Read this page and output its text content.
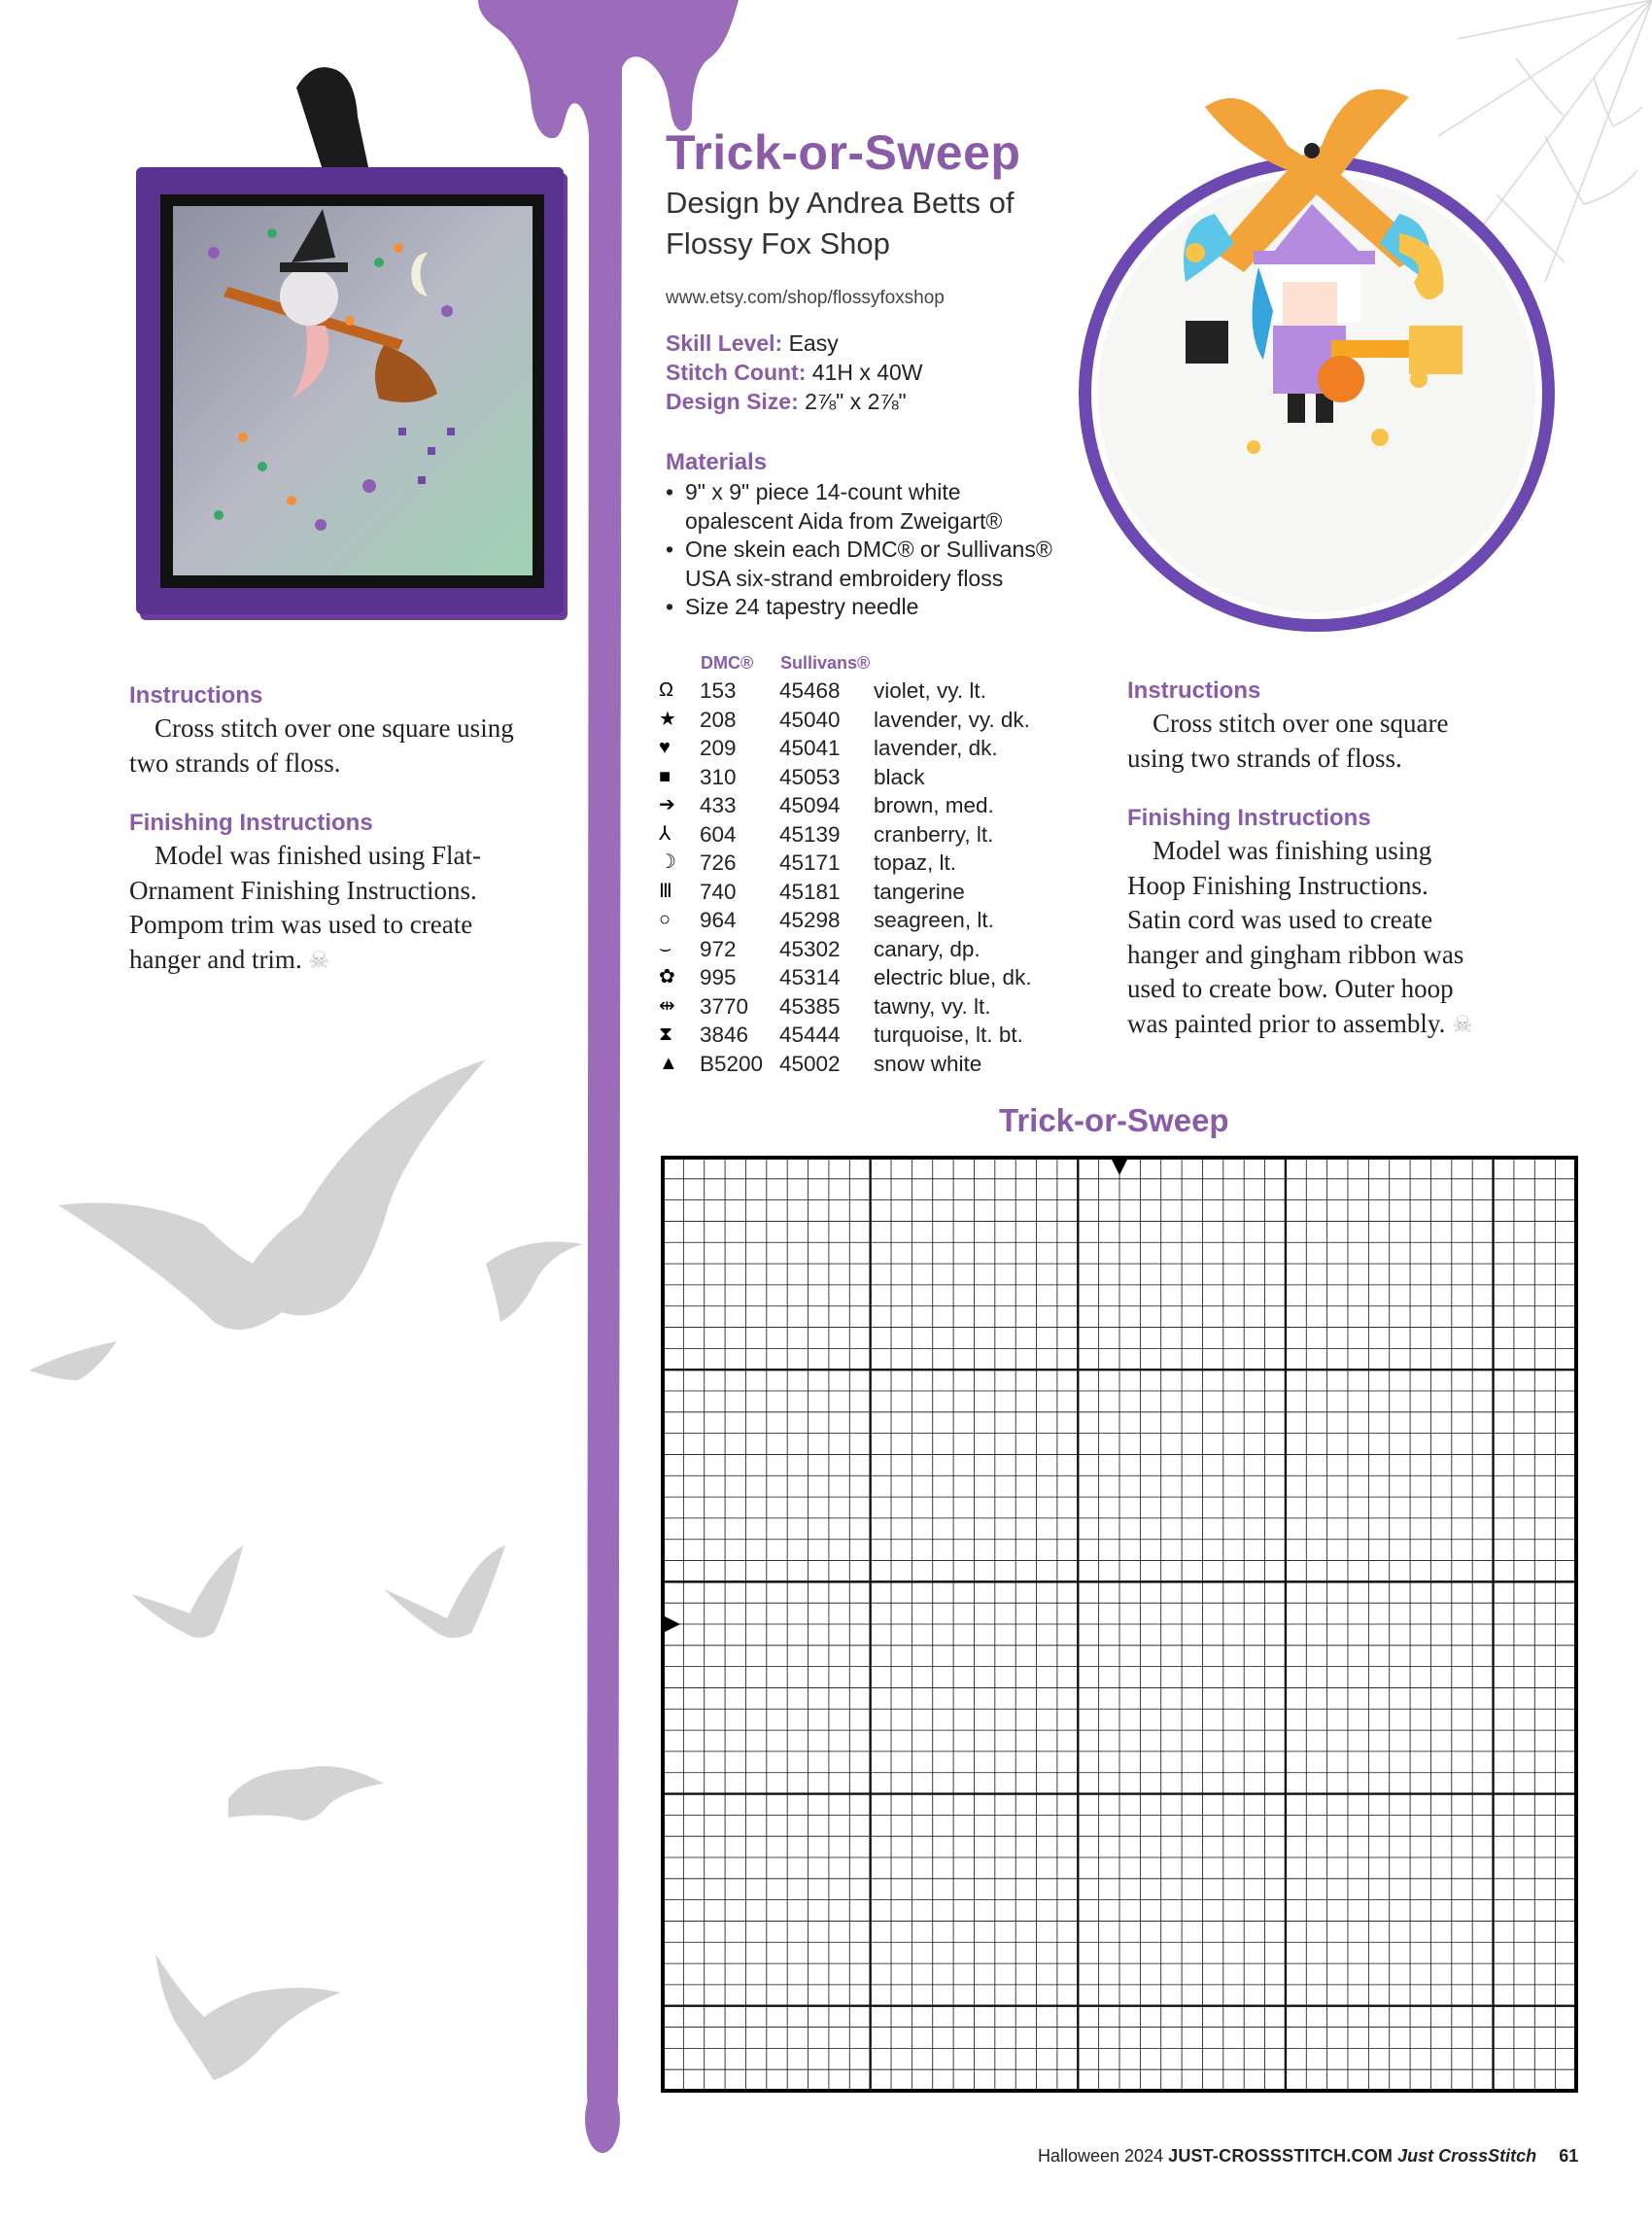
Trick-or-Sweep
Design by Andrea Betts of
Flossy Fox Shop
www.etsy.com/shop/flossyfoxshop
Skill Level: Easy
Stitch Count: 41H x 40W
Design Size: 2⅞" x 2⅞"
Materials
• 9" x 9" piece 14-count white
opalescent Aida from Zweigart®
• One skein each DMC® or Sullivans®
USA six-strand embroidery floss
• Size 24 tapestry needle
	DMC®	Sullivans®	
Ω	153	45468	violet, vy. lt.
★	208	45040	lavender, vy. dk.
♥	209	45041	lavender, dk.
■	310	45053	black
➔	433	45094	brown, med.
⅄	604	45139	cranberry, lt.
☽	726	45171	topaz, lt.
Ⅲ	740	45181	tangerine
○	964	45298	seagreen, lt.
⌣	972	45302	canary, dp.
✿	995	45314	electric blue, dk.
⇹	3770	45385	tawny, vy. lt.
⧗	3846	45444	turquoise, lt. bt.
▲	B5200	45002	snow white
Instructions
Cross stitch over one square using
two strands of floss.
Finishing Instructions
Model was finished using Flat-
Ornament Finishing Instructions.
Pompom trim was used to create
hanger and trim. ☠
Instructions
Cross stitch over one square
using two strands of floss.
Finishing Instructions
Model was finishing using
Hoop Finishing Instructions.
Satin cord was used to create
hanger and gingham ribbon was
used to create bow. Outer hoop
was painted prior to assembly. ☠
Trick-or-Sweep
Halloween 2024 JUST-CROSSSTITCH.COM Just CrossStitch 61
